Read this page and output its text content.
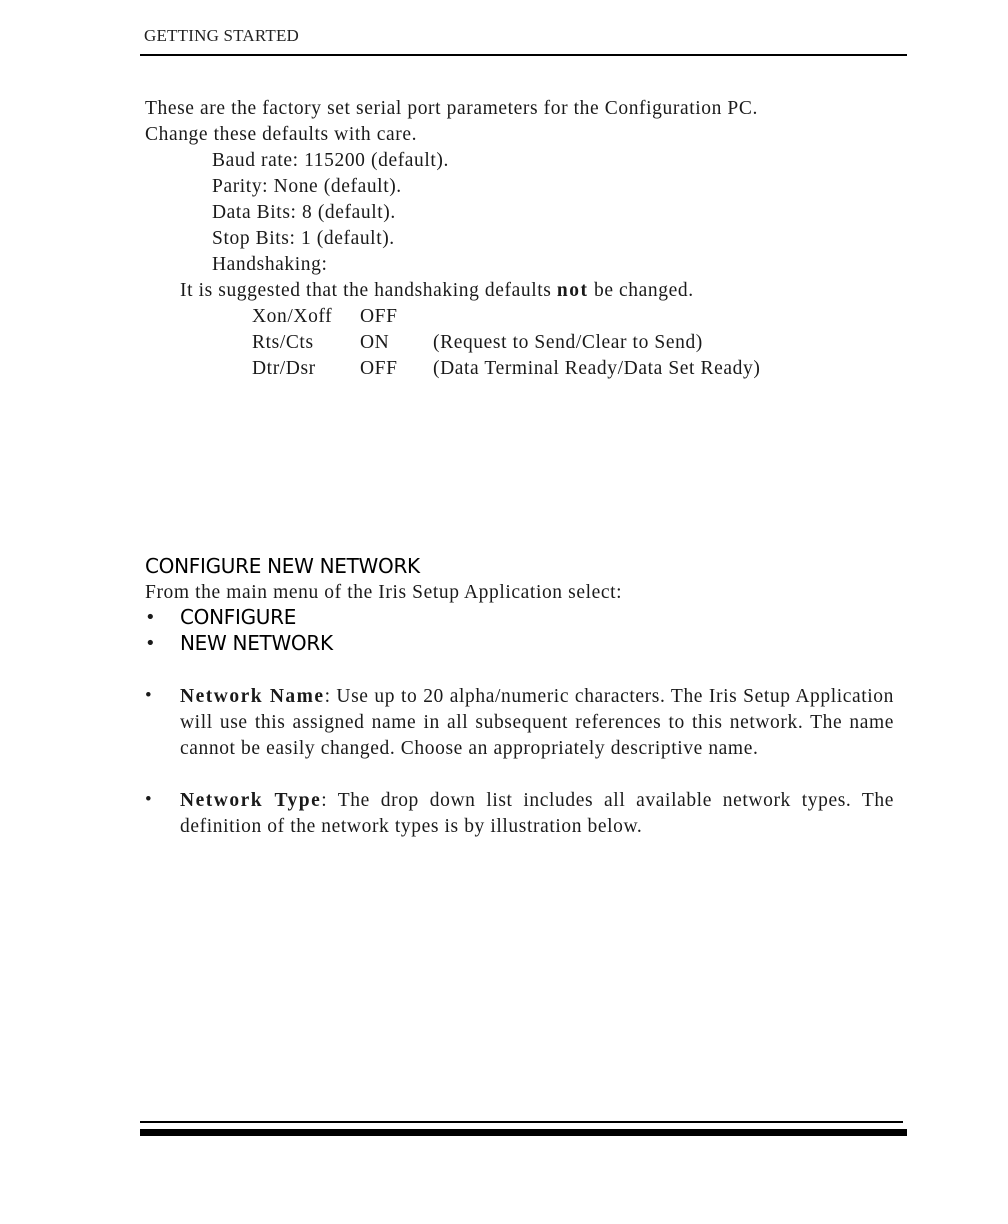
GETTING STARTED
These are the factory set serial port parameters for the Configuration PC.
Change these defaults with care.
Baud rate: 115200 (default).
Parity: None (default).
Data Bits: 8 (default).
Stop Bits: 1 (default).
Handshaking:
It is suggested that the handshaking defaults not be changed.
Xon/Xoff OFF
Rts/Cts ON (Request to Send/Clear to Send)
Dtr/Dsr OFF (Data Terminal Ready/Data Set Ready)
CONFIGURE NEW NETWORK
From the main menu of the Iris Setup Application select:
• CONFIGURE
• NEW NETWORK
• Network Name: Use up to 20 alpha/numeric characters. The Iris Setup Application will use this assigned name in all subsequent references to this network. The name cannot be easily changed. Choose an appropriately descriptive name.
• Network Type: The drop down list includes all available network types. The definition of the network types is by illustration below.
